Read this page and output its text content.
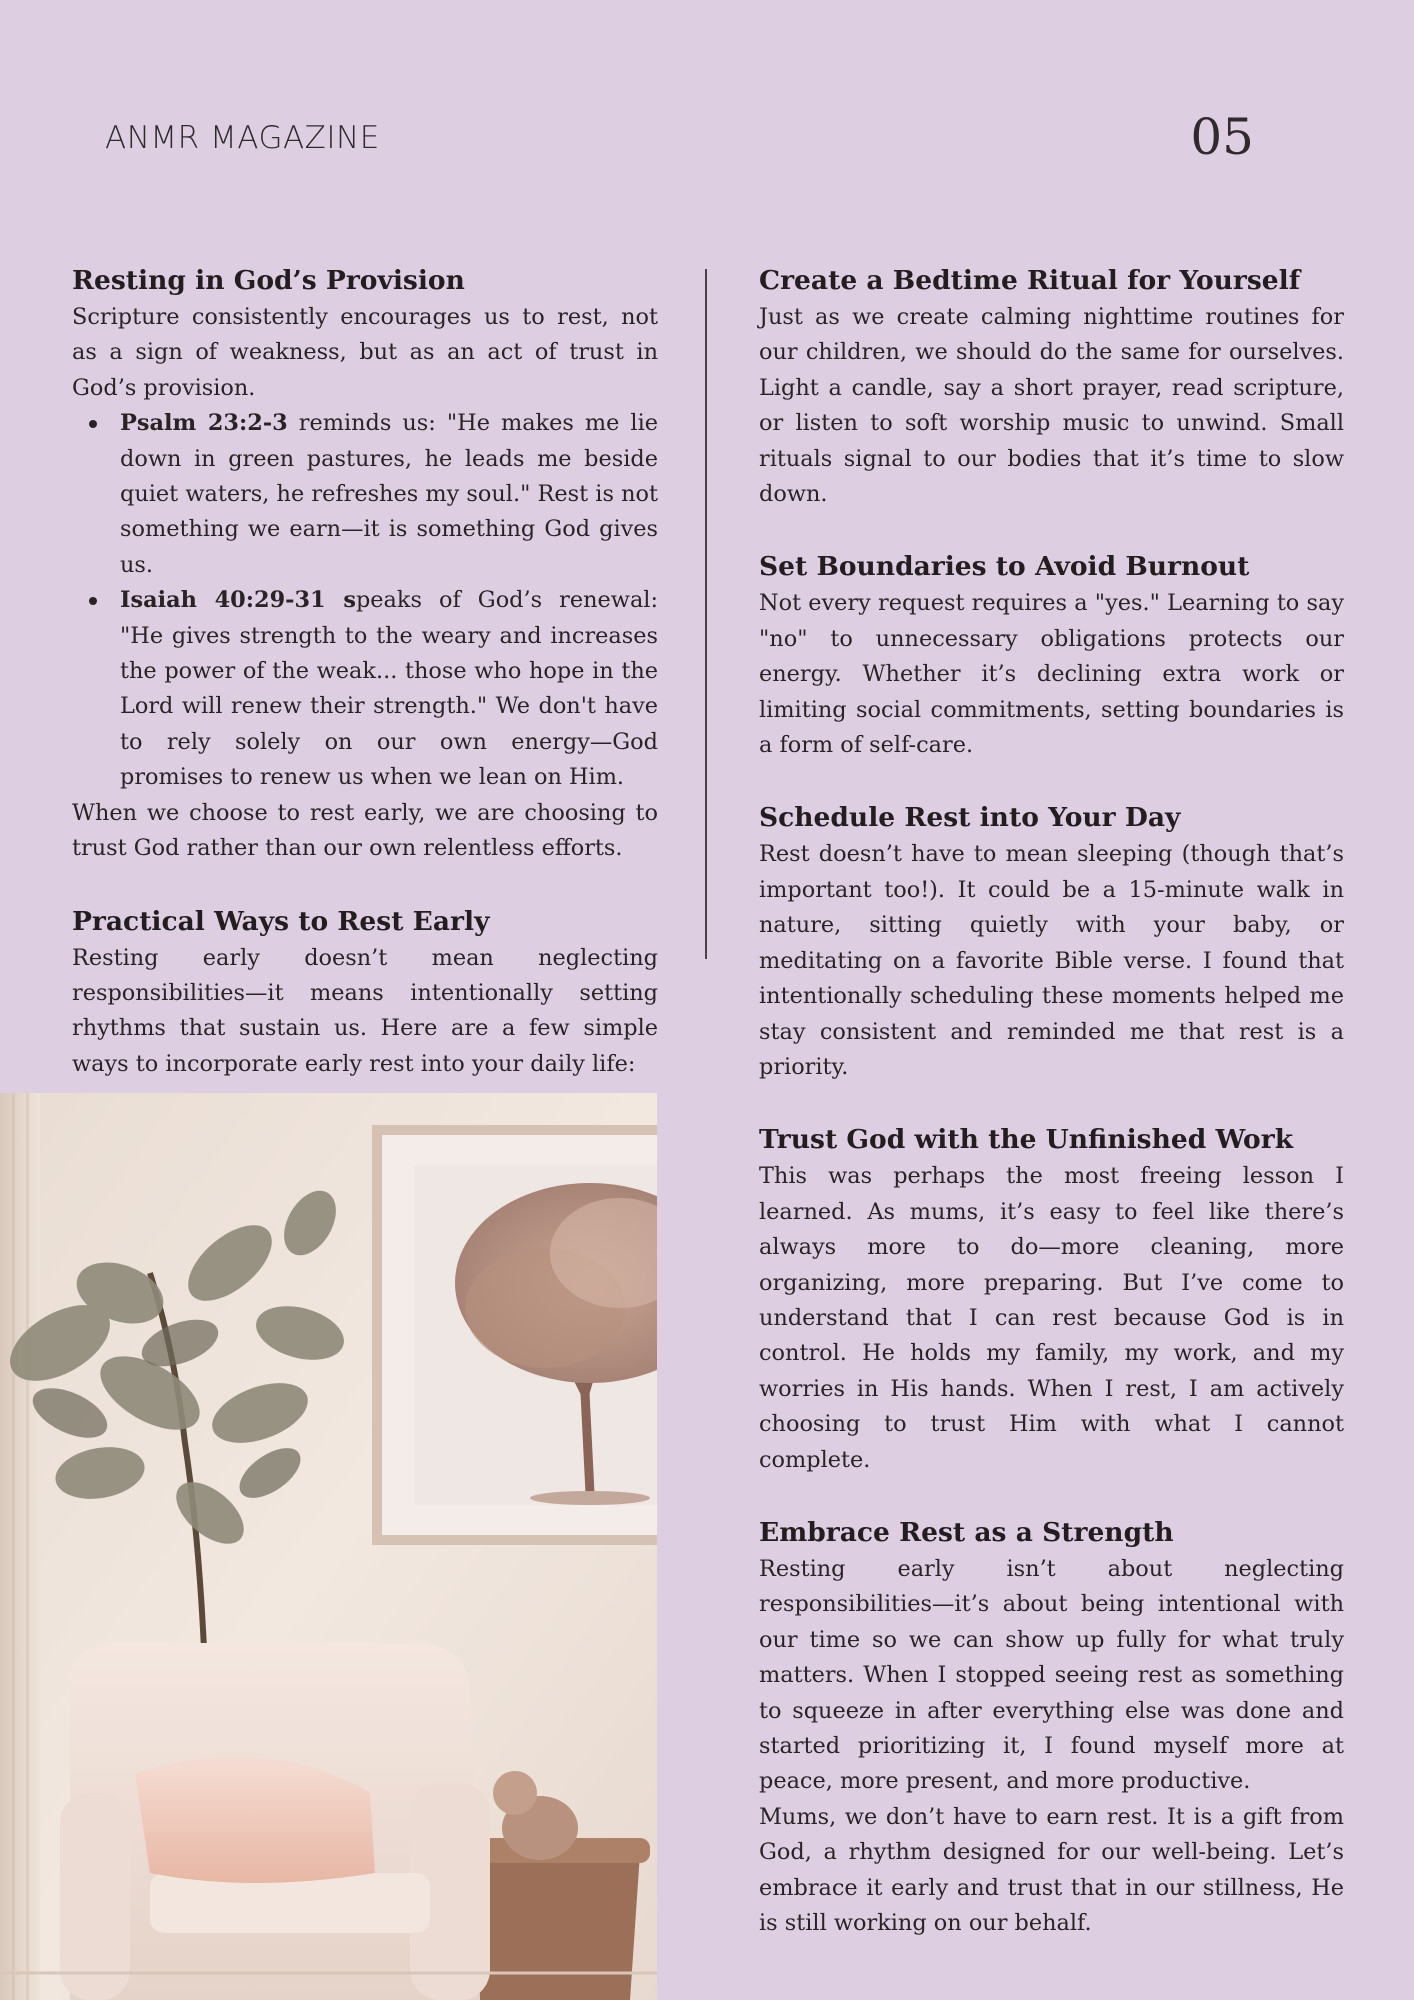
ANMR MAGAZINE	05
Resting in God’s Provision

Scripture consistently encourages us to rest, not as a sign of weakness, but as an act of trust in God’s provision.

Psalm 23:2-3 reminds us: "He makes me lie down in green pastures, he leads me beside quiet waters, he refreshes my soul." Rest is not something we earn—it is something God gives us.
Isaiah 40:29-31 speaks of God’s renewal: "He gives strength to the weary and increases the power of the weak... those who hope in the Lord will renew their strength." We don't have to rely solely on our own energy—God promises to renew us when we lean on Him.

When we choose to rest early, we are choosing to trust God rather than our own relentless efforts.

Practical Ways to Rest Early

Resting early doesn’t mean neglecting responsibilities—it means intentionally setting rhythms that sustain us. Here are a few simple ways to incorporate early rest into your daily life:

Create a Bedtime Ritual for Yourself

Just as we create calming nighttime routines for our children, we should do the same for ourselves. Light a candle, say a short prayer, read scripture, or listen to soft worship music to unwind. Small rituals signal to our bodies that it’s time to slow down.

Set Boundaries to Avoid Burnout

Not every request requires a "yes." Learning to say "no" to unnecessary obligations protects our energy. Whether it’s declining extra work or limiting social commitments, setting boundaries is a form of self-care.

Schedule Rest into Your Day

Rest doesn’t have to mean sleeping (though that’s important too!). It could be a 15-minute walk in nature, sitting quietly with your baby, or meditating on a favorite Bible verse. I found that intentionally scheduling these moments helped me stay consistent and reminded me that rest is a priority.

Trust God with the Unfinished Work

This was perhaps the most freeing lesson I learned. As mums, it’s easy to feel like there’s always more to do—more cleaning, more organizing, more preparing. But I’ve come to understand that I can rest because God is in control. He holds my family, my work, and my worries in His hands. When I rest, I am actively choosing to trust Him with what I cannot complete.

Embrace Rest as a Strength

Resting early isn’t about neglecting responsibilities—it’s about being intentional with our time so we can show up fully for what truly matters. When I stopped seeing rest as something to squeeze in after everything else was done and started prioritizing it, I found myself more at peace, more present, and more productive.

Mums, we don’t have to earn rest. It is a gift from God, a rhythm designed for our well-being. Let’s embrace it early and trust that in our stillness, He is still working on our behalf.
